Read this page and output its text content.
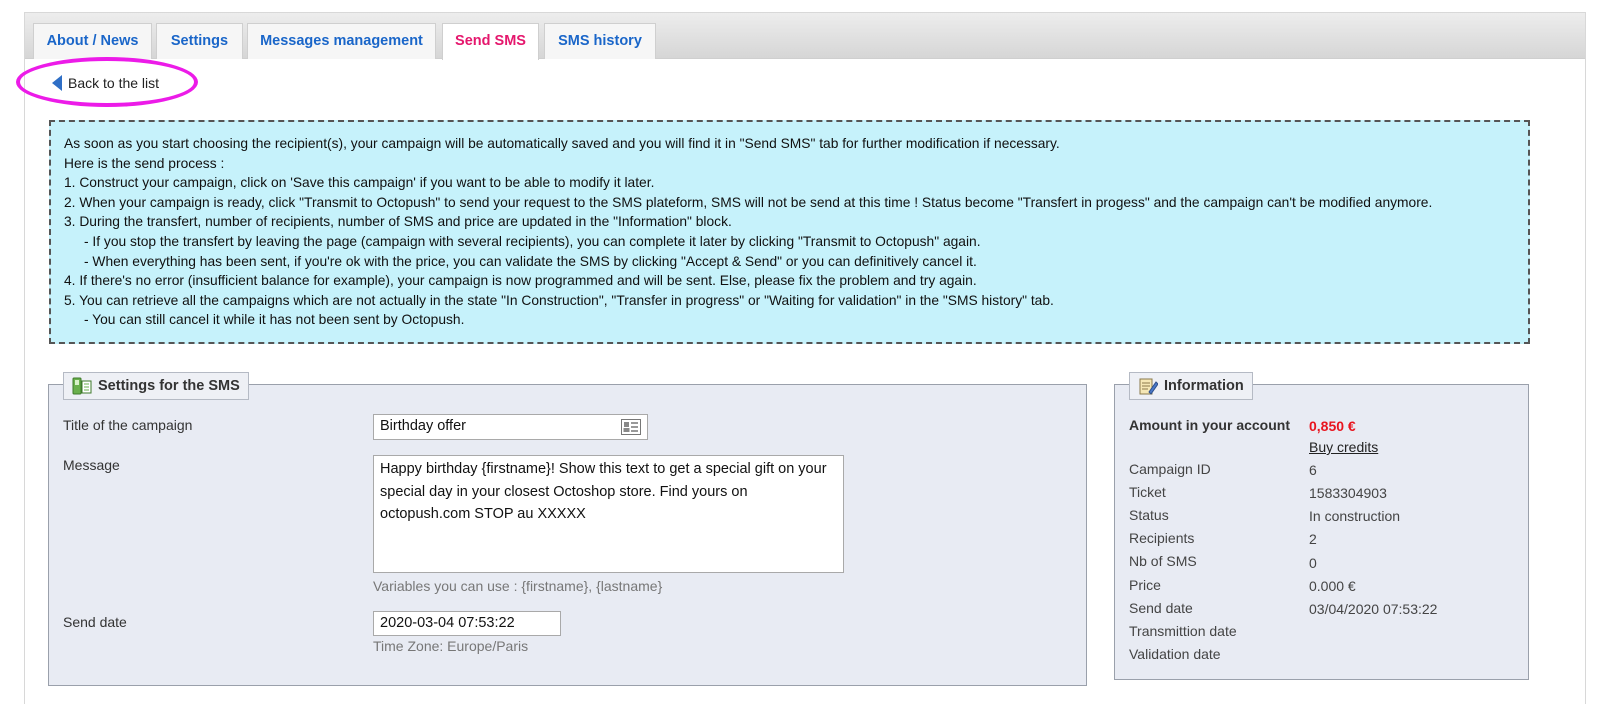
About / News	Settings	Messages management	Send SMS	SMS history
Back to the list
As soon as you start choosing the recipient(s), your campaign will be automatically saved and you will find it in "Send SMS" tab for further modification if necessary.
Here is the send process :
1. Construct your campaign, click on 'Save this campaign' if you want to be able to modify it later.
2. When your campaign is ready, click "Transmit to Octopush" to send your request to the SMS plateform, SMS will not be send at this time ! Status become "Transfert in progess" and the campaign can't be modified anymore.
3. During the transfert, number of recipients, number of SMS and price are updated in the "Information" block.
- If you stop the transfert by leaving the page (campaign with several recipients), you can complete it later by clicking "Transmit to Octopush" again.
- When everything has been sent, if you're ok with the price, you can validate the SMS by clicking "Accept & Send" or you can definitively cancel it.
4. If there's no error (insufficient balance for example), your campaign is now programmed and will be sent. Else, please fix the problem and try again.
5. You can retrieve all the campaigns which are not actually in the state "In Construction", "Transfer in progress" or "Waiting for validation" in the "SMS history" tab.
- You can still cancel it while it has not been sent by Octopush.
Settings for the SMS
Title of the campaign	Birthday offer
Message	Happy birthday {firstname}! Show this text to get a special gift on your special day in your closest Octoshop store. Find yours on octopush.com STOP au XXXXX
Variables you can use : {firstname}, {lastname}
Send date	2020-03-04 07:53:22
Time Zone: Europe/Paris
Information
Amount in your account 0,850 €
Buy credits
Campaign ID	6
Ticket	1583304903
Status	In construction
Recipients	2
Nb of SMS	0
Price	0.000 €
Send date	03/04/2020 07:53:22
Transmittion date
Validation date
